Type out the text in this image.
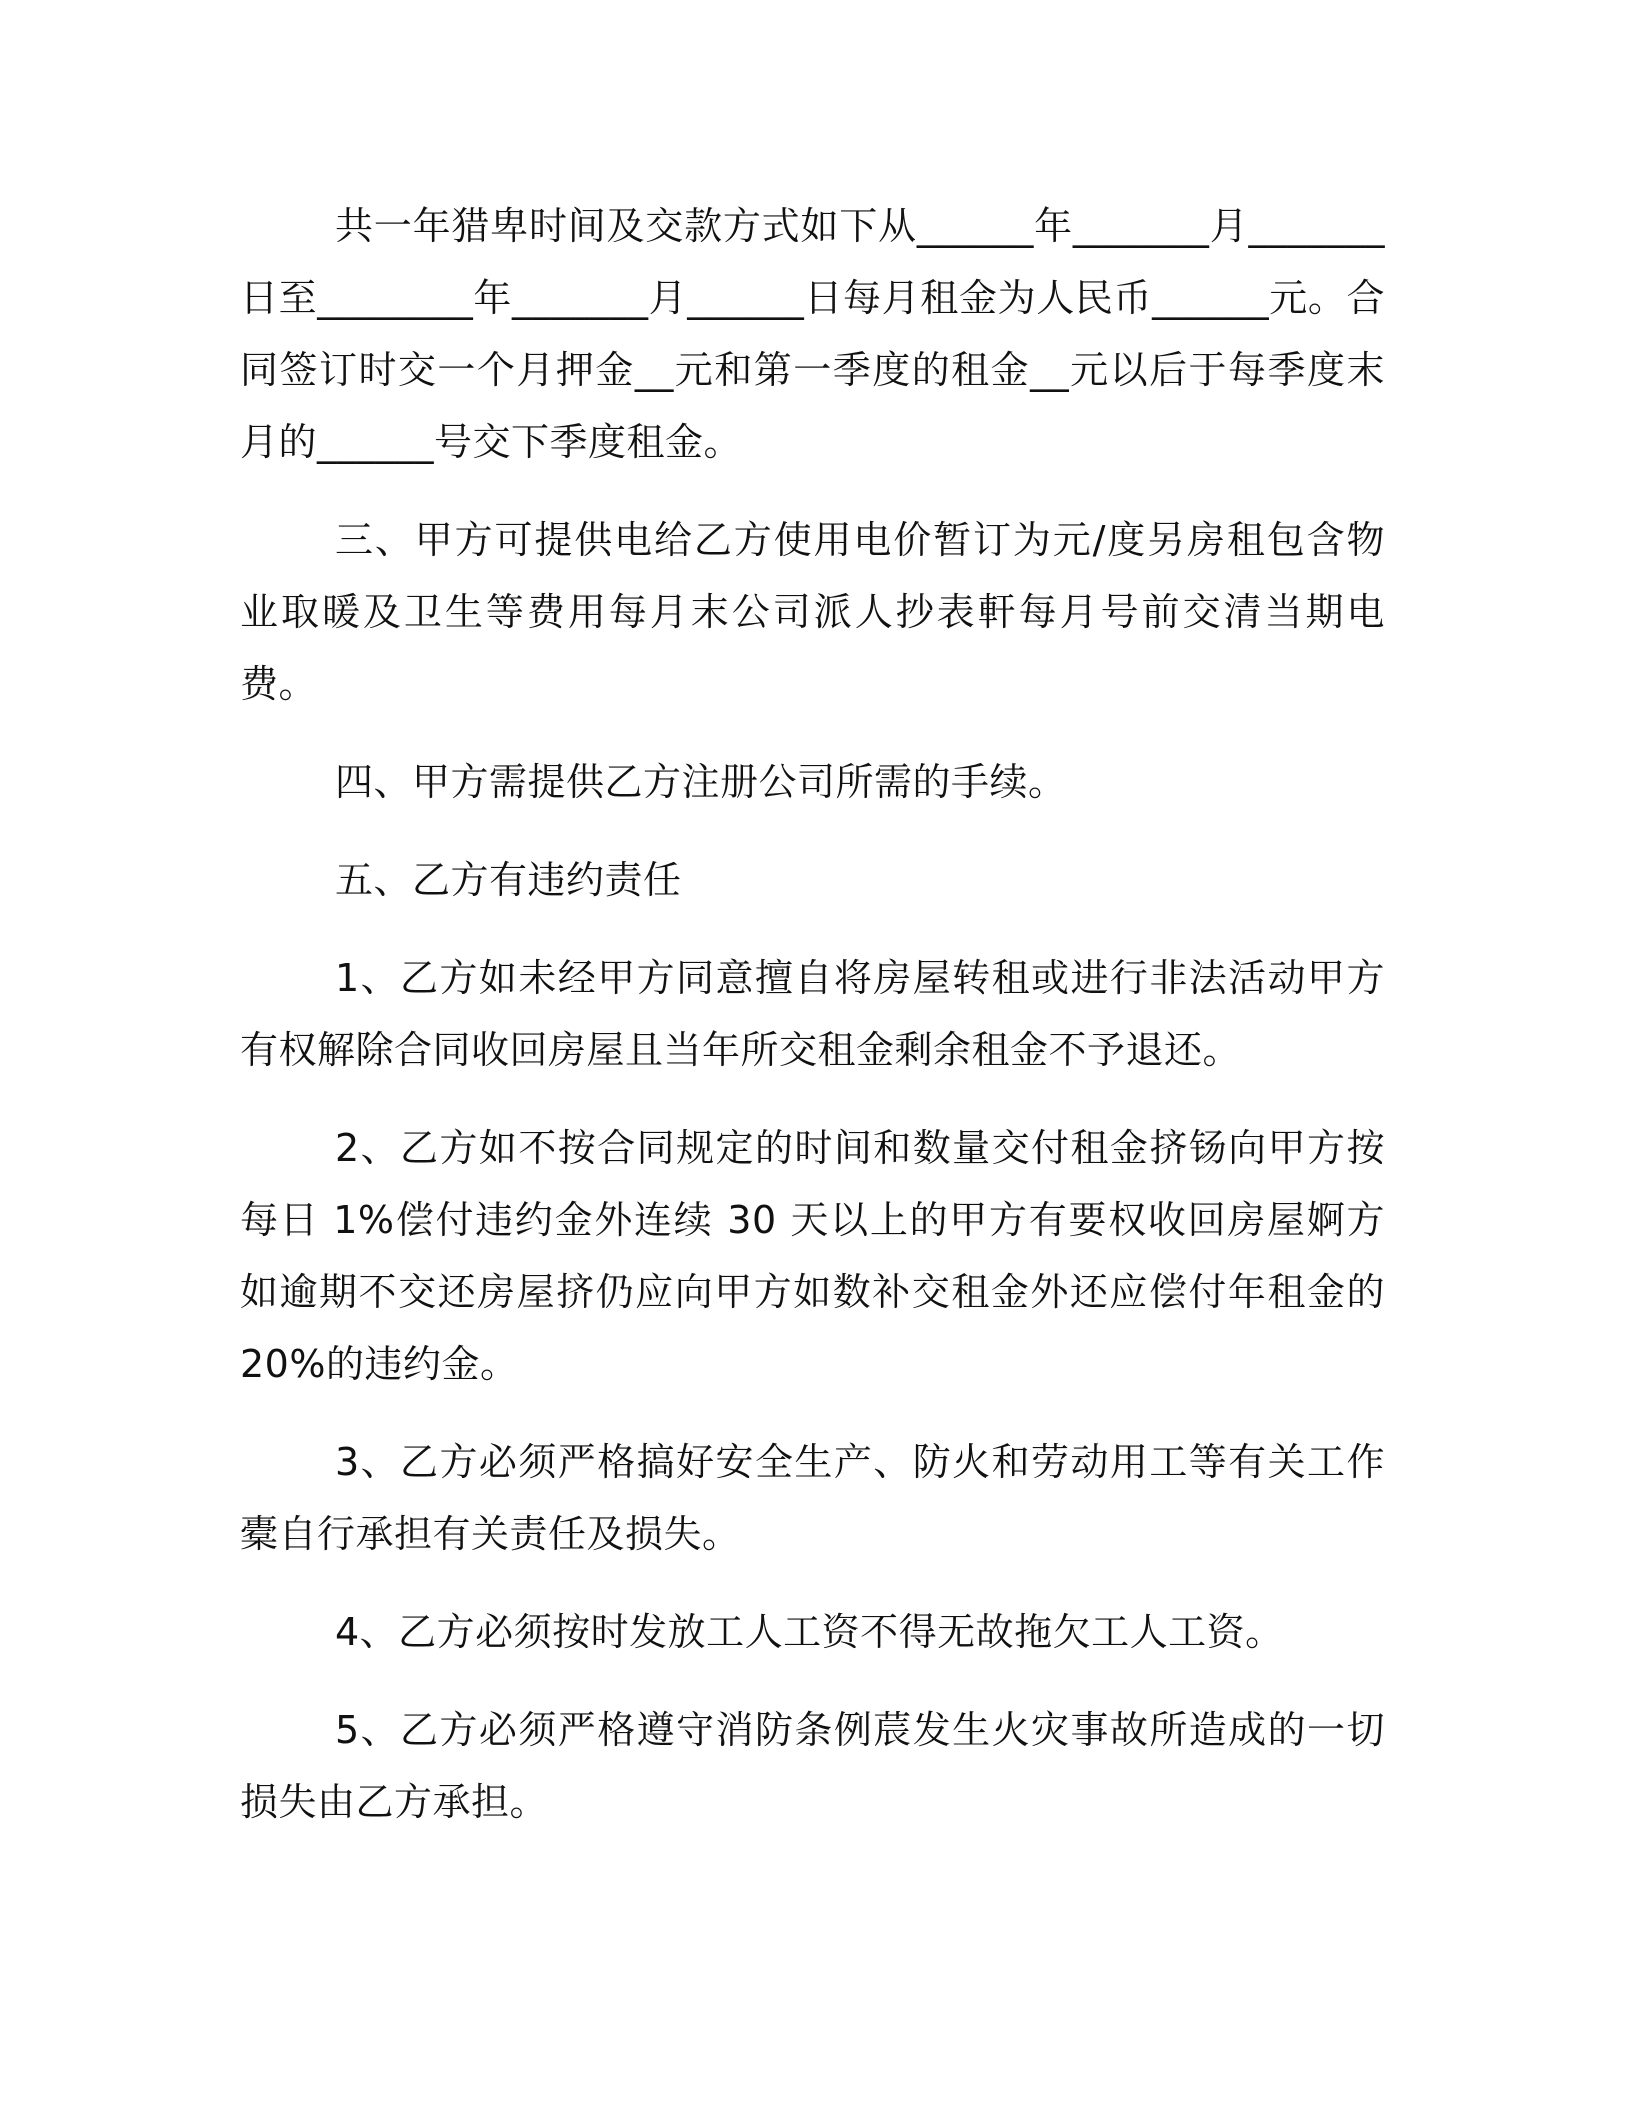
共一年猎卑时间及交款方式如下从______年_______月_______日至________年_______月______日每月租金为人民币______元。合同签订时交一个月押金__元和第一季度的租金__元以后于每季度末月的______号交下季度租金。

三、甲方可提供电给乙方使用电价暂订为元/度另房租包含物业取暖及卫生等费用每月末公司派人抄表軒每月号前交清当期电费。

四、甲方需提供乙方注册公司所需的手续。

五、乙方有违约责任

1、乙方如未经甲方同意擅自将房屋转租或进行非法活动甲方有权解除合同收回房屋且当年所交租金剩余租金不予退还。

2、乙方如不按合同规定的时间和数量交付租金挤钖向甲方按每日 1%偿付违约金外连续 30 天以上的甲方有要权收回房屋婀方如逾期不交还房屋挤仍应向甲方如数补交租金外还应偿付年租金的 20%的违约金。

3、乙方必须严格搞好安全生产、防火和劳动用工等有关工作橐自行承担有关责任及损失。

4、乙方必须按时发放工人工资不得无故拖欠工人工资。

5、乙方必须严格遵守消防条例莀发生火灾事故所造成的一切损失由乙方承担。
